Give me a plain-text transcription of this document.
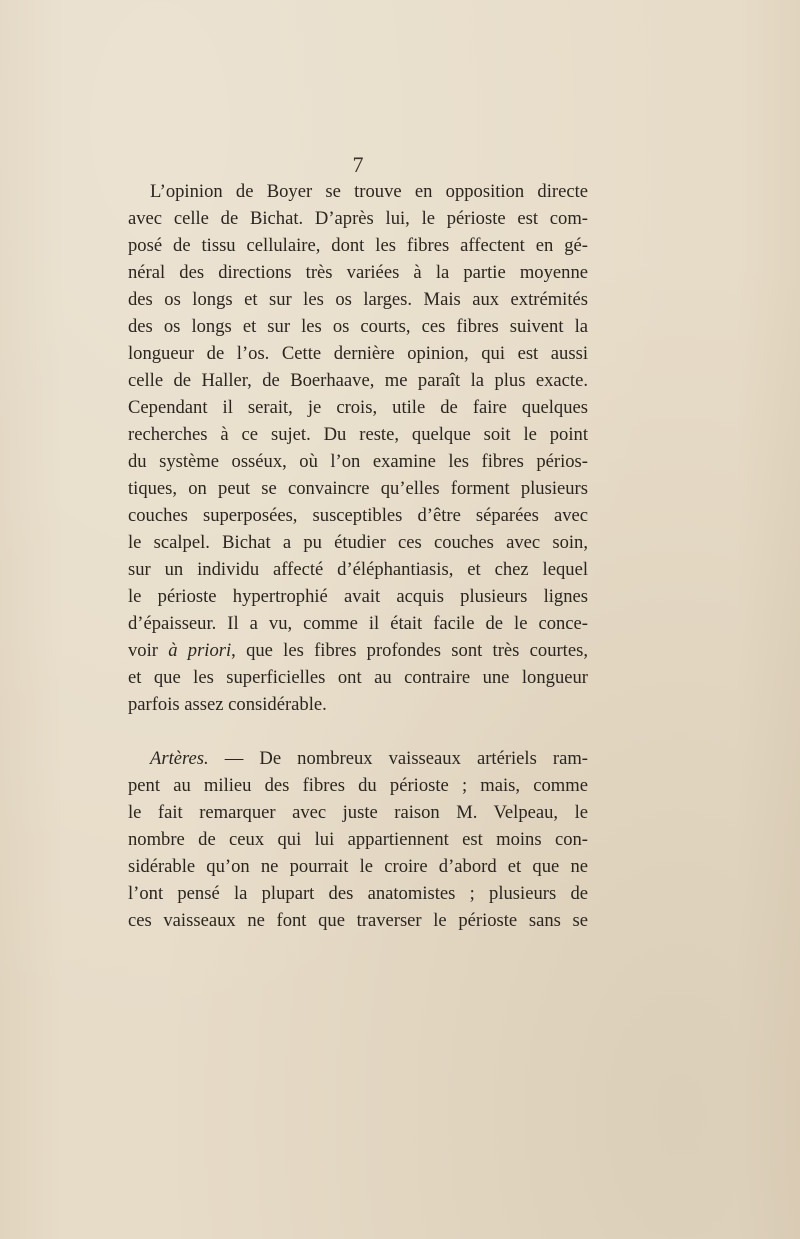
7

L’opinion de Boyer se trouve en opposition directe
avec celle de Bichat. D’après lui, le périoste est com-
posé de tissu cellulaire, dont les fibres affectent en gé-
néral des directions très variées à la partie moyenne
des os longs et sur les os larges. Mais aux extrémités
des os longs et sur les os courts, ces fibres suivent la
longueur de l’os. Cette dernière opinion, qui est aussi
celle de Haller, de Boerhaave, me paraît la plus exacte.
Cependant il serait, je crois, utile de faire quelques
recherches à ce sujet. Du reste, quelque soit le point
du système osséux, où l’on examine les fibres périos-
tiques, on peut se convaincre qu’elles forment plusieurs
couches superposées, susceptibles d’être séparées avec
le scalpel. Bichat a pu étudier ces couches avec soin,
sur un individu affecté d’éléphantiasis, et chez lequel
le périoste hypertrophié avait acquis plusieurs lignes
d’épaisseur. Il a vu, comme il était facile de le conce-
voir à priori, que les fibres profondes sont très courtes,
et que les superficielles ont au contraire une longueur
parfois assez considérable.

Artères. — De nombreux vaisseaux artériels ram-
pent au milieu des fibres du périoste ; mais, comme
le fait remarquer avec juste raison M. Velpeau, le
nombre de ceux qui lui appartiennent est moins con-
sidérable qu’on ne pourrait le croire d’abord et que ne
l’ont pensé la plupart des anatomistes ; plusieurs de
ces vaisseaux ne font que traverser le périoste sans se
